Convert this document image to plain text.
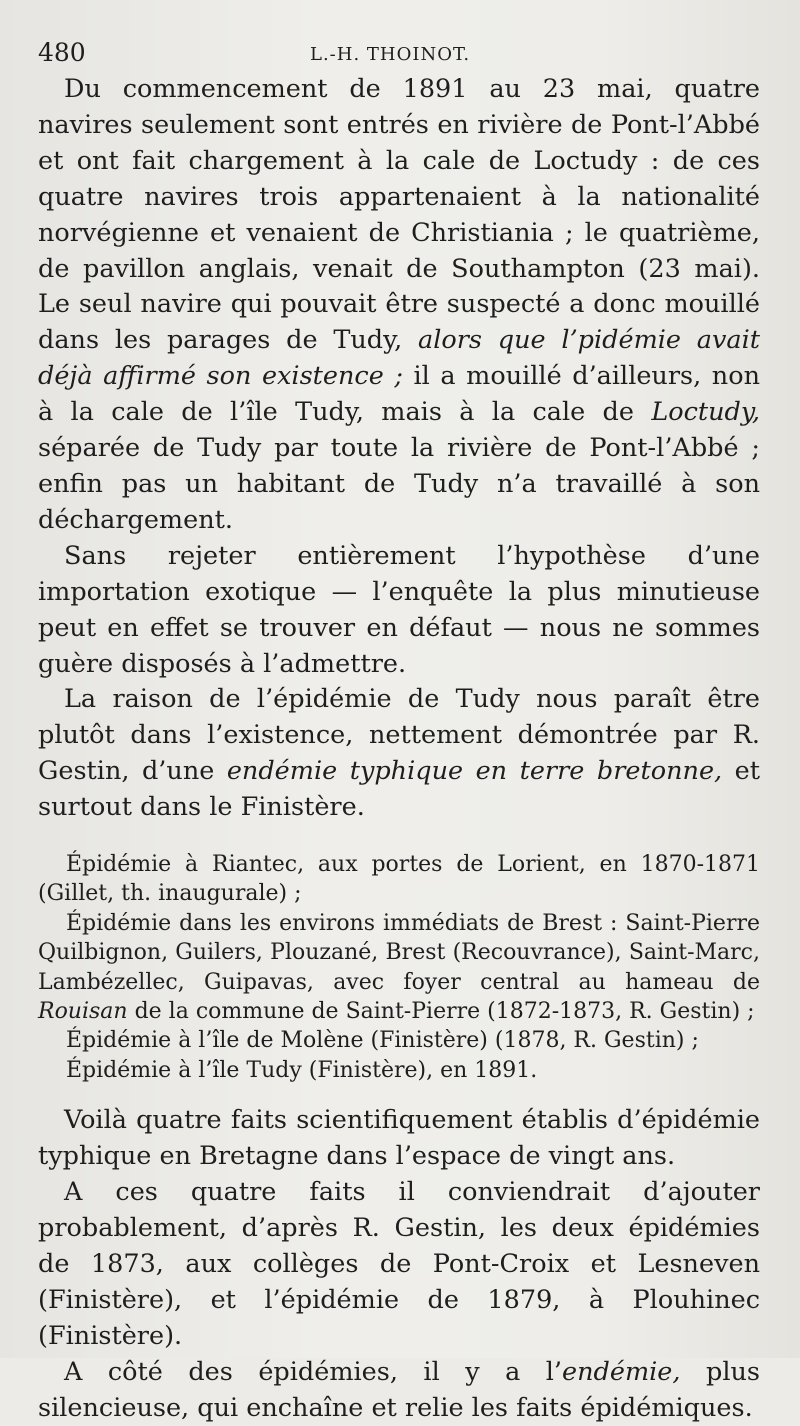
480	L.-H. THOINOT.

Du commencement de 1891 au 23 mai, quatre navires seulement sont entrés en rivière de Pont-l’Abbé et ont fait chargement à la cale de Loctudy : de ces quatre navires trois appartenaient à la nationalité norvégienne et venaient de Christiania ; le quatrième, de pavillon anglais, venait de Southampton (23 mai). Le seul navire qui pouvait être suspecté a donc mouillé dans les parages de Tudy, alors que l’pidémie avait déjà affirmé son existence ; il a mouillé d’ailleurs, non à la cale de l’île Tudy, mais à la cale de Loctudy, séparée de Tudy par toute la rivière de Pont-l’Abbé ; enfin pas un habitant de Tudy n’a travaillé à son déchargement.

Sans rejeter entièrement l’hypothèse d’une importation exotique — l’enquête la plus minutieuse peut en effet se trouver en défaut — nous ne sommes guère disposés à l’admettre.

La raison de l’épidémie de Tudy nous paraît être plutôt dans l’existence, nettement démontrée par R. Gestin, d’une endémie typhique en terre bretonne, et surtout dans le Finistère.

Épidémie à Riantec, aux portes de Lorient, en 1870-1871 (Gillet, th. inaugurale) ;

Épidémie dans les environs immédiats de Brest : Saint-Pierre Quilbignon, Guilers, Plouzané, Brest (Recouvrance), Saint-Marc, Lambézellec, Guipavas, avec foyer central au hameau de Rouisan de la commune de Saint-Pierre (1872-1873, R. Gestin) ;

Épidémie à l’île de Molène (Finistère) (1878, R. Gestin) ;

Épidémie à l’île Tudy (Finistère), en 1891.

Voilà quatre faits scientifiquement établis d’épidémie typhique en Bretagne dans l’espace de vingt ans.

A ces quatre faits il conviendrait d’ajouter probablement, d’après R. Gestin, les deux épidémies de 1873, aux collèges de Pont-Croix et Lesneven (Finistère), et l’épidémie de 1879, à Plouhinec (Finistère).

A côté des épidémies, il y a l’endémie, plus silencieuse, qui enchaîne et relie les faits épidémiques.
